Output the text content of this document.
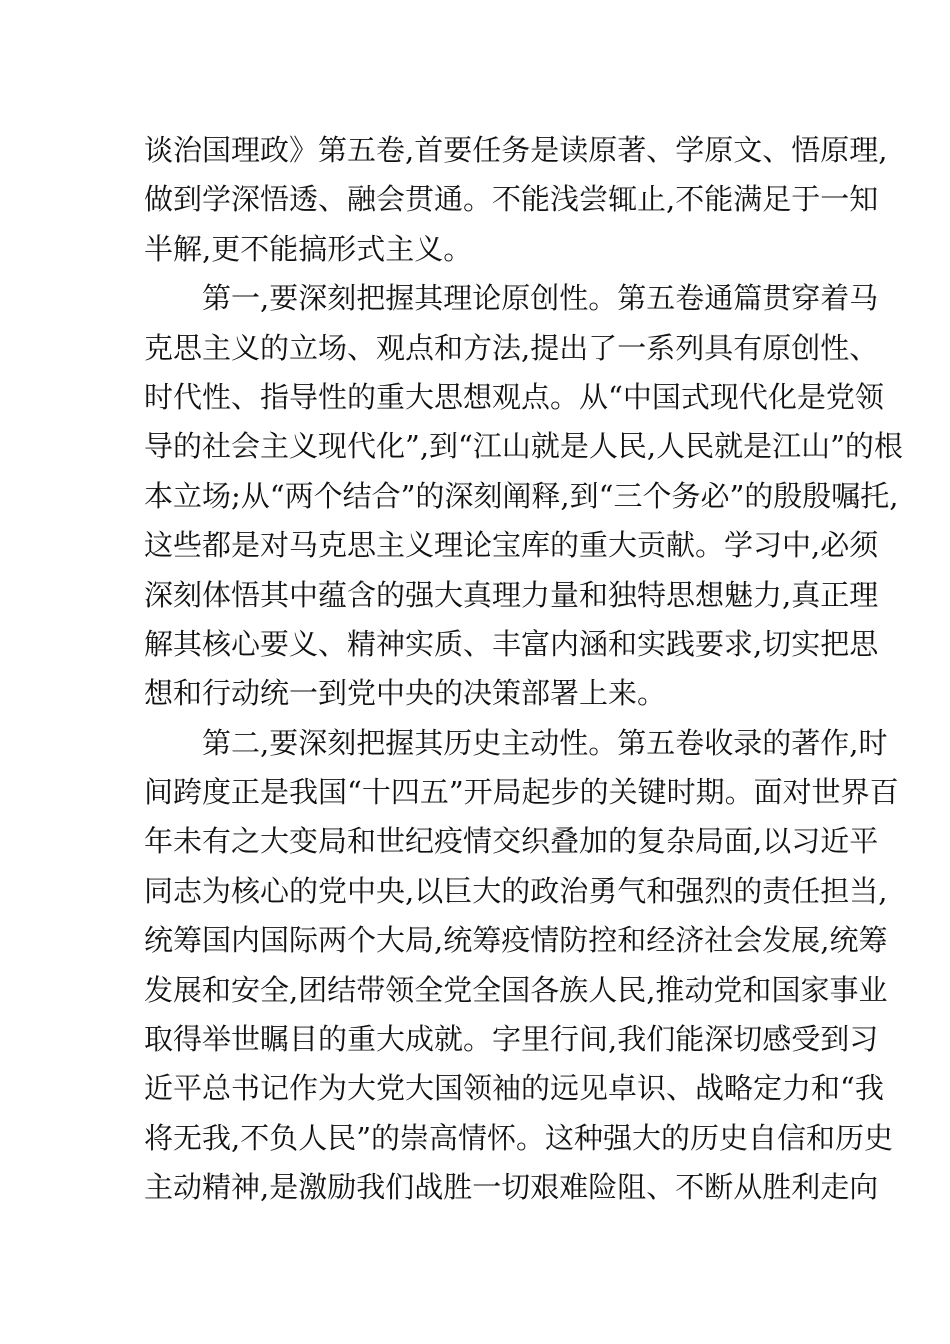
谈治国理政》第五卷,首要任务是读原著、学原文、悟原理,
做到学深悟透、融会贯通。不能浅尝辄止,不能满足于一知
半解,更不能搞形式主义。
第一,要深刻把握其理论原创性。第五卷通篇贯穿着马
克思主义的立场、观点和方法,提出了一系列具有原创性、
时代性、指导性的重大思想观点。从“中国式现代化是党领
导的社会主义现代化”,到“江山就是人民,人民就是江山”的根
本立场;从“两个结合”的深刻阐释,到“三个务必”的殷殷嘱托,
这些都是对马克思主义理论宝库的重大贡献。学习中,必须
深刻体悟其中蕴含的强大真理力量和独特思想魅力,真正理
解其核心要义、精神实质、丰富内涵和实践要求,切实把思
想和行动统一到党中央的决策部署上来。
第二,要深刻把握其历史主动性。第五卷收录的著作,时
间跨度正是我国“十四五”开局起步的关键时期。面对世界百
年未有之大变局和世纪疫情交织叠加的复杂局面,以习近平
同志为核心的党中央,以巨大的政治勇气和强烈的责任担当,
统筹国内国际两个大局,统筹疫情防控和经济社会发展,统筹
发展和安全,团结带领全党全国各族人民,推动党和国家事业
取得举世瞩目的重大成就。字里行间,我们能深切感受到习
近平总书记作为大党大国领袖的远见卓识、战略定力和“我
将无我,不负人民”的崇高情怀。这种强大的历史自信和历史
主动精神,是激励我们战胜一切艰难险阻、不断从胜利走向
